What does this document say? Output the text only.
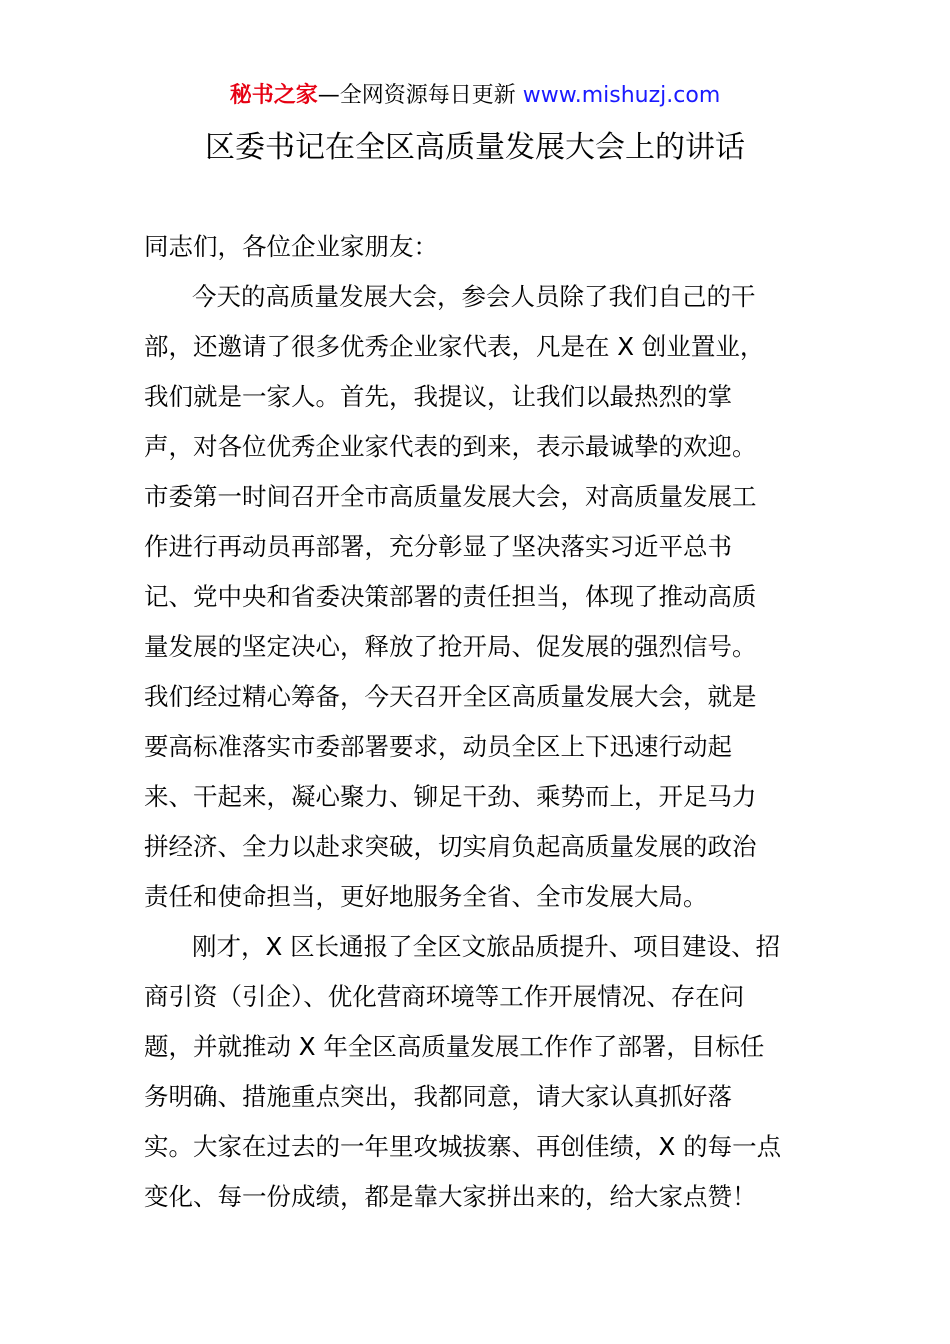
秘书之家—全网资源每日更新 www.mishuzj.com
区委书记在全区高质量发展大会上的讲话
同志们，各位企业家朋友：
今天的高质量发展大会，参会人员除了我们自己的干
部，还邀请了很多优秀企业家代表，凡是在 X 创业置业，
我们就是一家人。首先，我提议，让我们以最热烈的掌
声，对各位优秀企业家代表的到来，表示最诚挚的欢迎。
市委第一时间召开全市高质量发展大会，对高质量发展工
作进行再动员再部署，充分彰显了坚决落实习近平总书
记、党中央和省委决策部署的责任担当，体现了推动高质
量发展的坚定决心，释放了抢开局、促发展的强烈信号。
我们经过精心筹备，今天召开全区高质量发展大会，就是
要高标准落实市委部署要求，动员全区上下迅速行动起
来、干起来，凝心聚力、铆足干劲、乘势而上，开足马力
拼经济、全力以赴求突破，切实肩负起高质量发展的政治
责任和使命担当，更好地服务全省、全市发展大局。
刚才，X 区长通报了全区文旅品质提升、项目建设、招
商引资（引企）、优化营商环境等工作开展情况、存在问
题，并就推动 X 年全区高质量发展工作作了部署，目标任
务明确、措施重点突出，我都同意，请大家认真抓好落
实。大家在过去的一年里攻城拔寨、再创佳绩，X 的每一点
变化、每一份成绩，都是靠大家拼出来的，给大家点赞！
